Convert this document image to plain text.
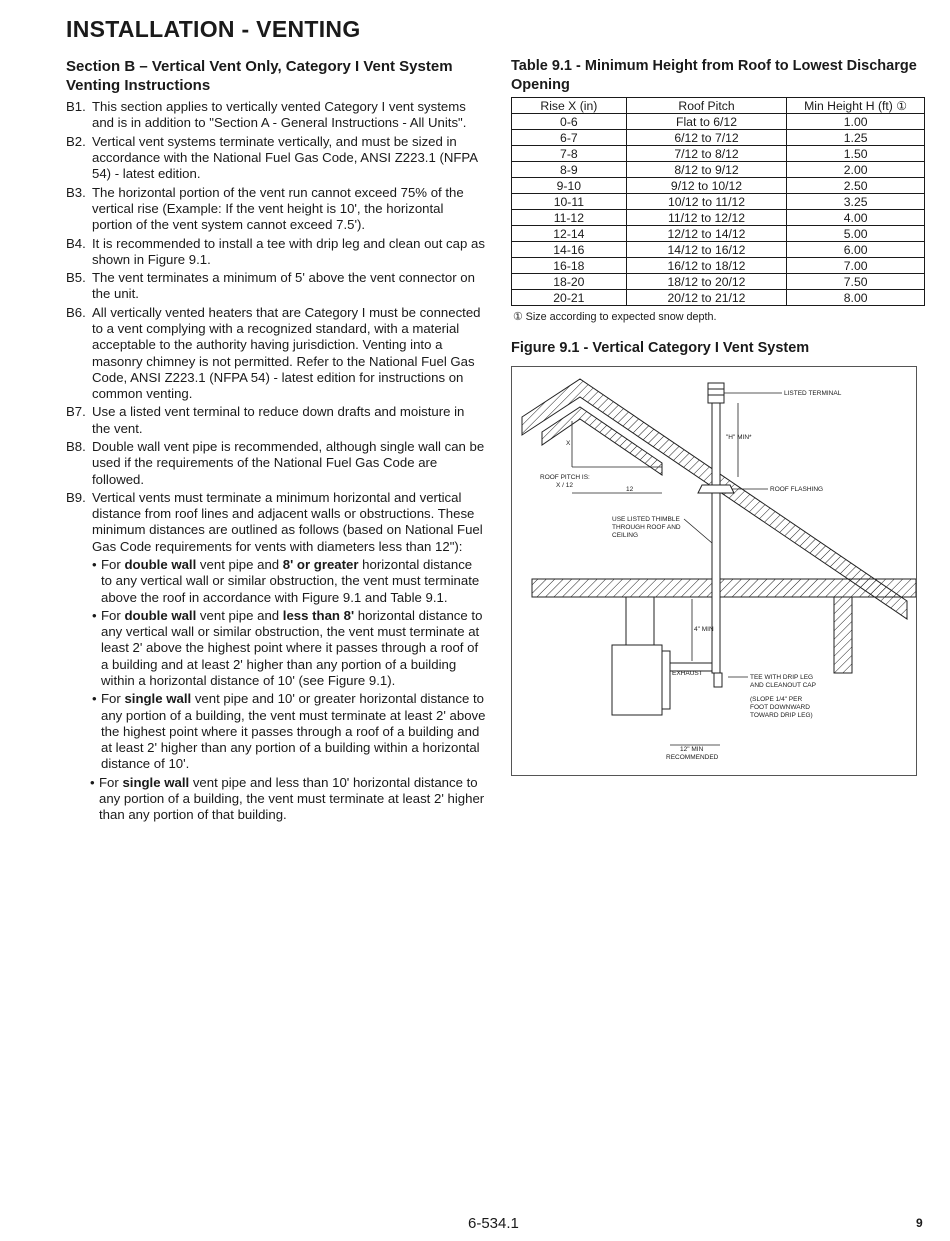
INSTALLATION - VENTING
Section B – Vertical Vent Only, Category I Vent System Venting Instructions
B1. This section applies to vertically vented Category I vent systems and is in addition to "Section A - General Instructions - All Units".
B2. Vertical vent systems terminate vertically, and must be sized in accordance with the National Fuel Gas Code, ANSI Z223.1 (NFPA 54) - latest edition.
B3. The horizontal portion of the vent run cannot exceed 75% of the vertical rise (Example: If the vent height is 10', the horizontal portion of the vent system cannot exceed 7.5').
B4. It is recommended to install a tee with drip leg and clean out cap as shown in Figure 9.1.
B5. The vent terminates a minimum of 5' above the vent connector on the unit.
B6. All vertically vented heaters that are Category I must be connected to a vent complying with a recognized standard, with a material acceptable to the authority having jurisdiction. Venting into a masonry chimney is not permitted. Refer to the National Fuel Gas Code, ANSI Z223.1 (NFPA 54) - latest edition for instructions on common venting.
B7. Use a listed vent terminal to reduce down drafts and moisture in the vent.
B8. Double wall vent pipe is recommended, although single wall can be used if the requirements of the National Fuel Gas Code are followed.
B9. Vertical vents must terminate a minimum horizontal and vertical distance from roof lines and adjacent walls or obstructions. These minimum distances are outlined as follows (based on National Fuel Gas Code requirements for vents with diameters less than 12"):
• For double wall vent pipe and 8' or greater horizontal distance to any vertical wall or similar obstruction, the vent must terminate above the roof in accordance with Figure 9.1 and Table 9.1.
• For double wall vent pipe and less than 8' horizontal distance to any vertical wall or similar obstruction, the vent must terminate at least 2' above the highest point where it passes through a roof of a building and at least 2' higher than any portion of a building within a horizontal distance of 10' (see Figure 9.1).
• For single wall vent pipe and 10' or greater horizontal distance to any portion of a building, the vent must terminate at least 2' above the highest point where it passes through a roof of a building and at least 2' higher than any portion of a building within a horizontal distance of 10'.
• For single wall vent pipe and less than 10' horizontal distance to any portion of a building, the vent must terminate at least 2' higher than any portion of that building.
Table 9.1 - Minimum Height from Roof to Lowest Discharge Opening
Rise X (in)	Roof Pitch	Min Height H (ft) ①
0-6	Flat to 6/12	1.00
6-7	6/12 to 7/12	1.25
7-8	7/12 to 8/12	1.50
8-9	8/12 to 9/12	2.00
9-10	9/12 to 10/12	2.50
10-11	10/12 to 11/12	3.25
11-12	11/12 to 12/12	4.00
12-14	12/12 to 14/12	5.00
14-16	14/12 to 16/12	6.00
16-18	16/12 to 18/12	7.00
18-20	18/12 to 20/12	7.50
20-21	20/12 to 21/12	8.00
① Size according to expected snow depth.
Figure 9.1 - Vertical Category I Vent System
LISTED TERMINAL
"H" MIN*
X
ROOF PITCH IS:
X / 12
12	ROOF FLASHING
USE LISTED THIMBLE
THROUGH ROOF AND
CEILING
4" MIN
EXHAUST
TEE WITH DRIP LEG
AND CLEANOUT CAP
(SLOPE 1/4" PER
FOOT DOWNWARD
TOWARD DRIP LEG)
12" MIN
RECOMMENDED
6-534.1	9
